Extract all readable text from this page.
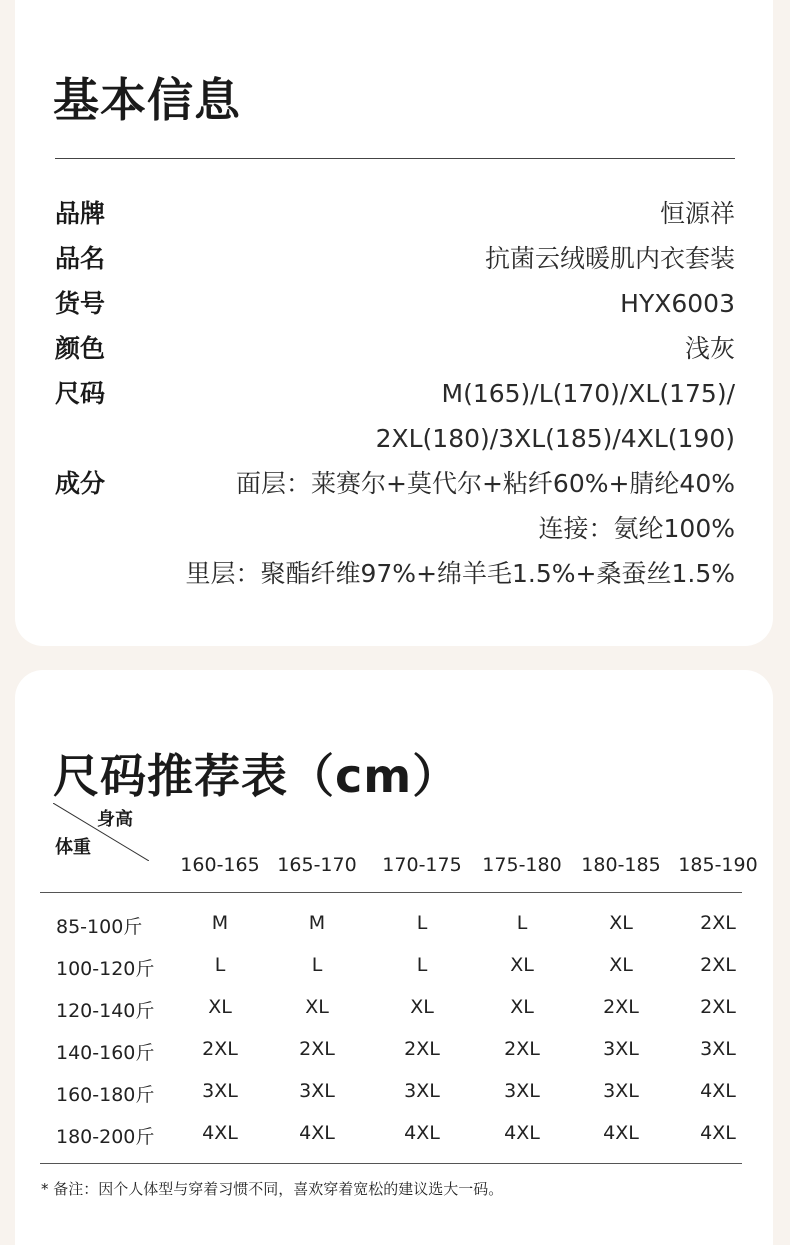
基本信息
品牌	恒源祥
品名	抗菌云绒暖肌内衣套装
货号	HYX6003
颜色	浅灰
尺码	M(165)/L(170)/XL(175)/
2XL(180)/3XL(185)/4XL(190)
成分	面层：莱赛尔+莫代尔+粘纤60%+腈纶40%
连接：氨纶100%
里层：聚酯纤维97%+绵羊毛1.5%+桑蚕丝1.5%
尺码推荐表（cm）
身高
体重
* 备注：因个人体型与穿着习惯不同，喜欢穿着宽松的建议选大一码。
160-165 165-170 170-175 175-180 180-185 185-190
85-100斤	M	M	L	L	XL	2XL
100-120斤	L	L	L	XL	XL	2XL
120-140斤	XL	XL	XL	XL	2XL	2XL
140-160斤	2XL	2XL	2XL	2XL	3XL	3XL
160-180斤	3XL	3XL	3XL	3XL	3XL	4XL
180-200斤	4XL	4XL	4XL	4XL	4XL	4XL
